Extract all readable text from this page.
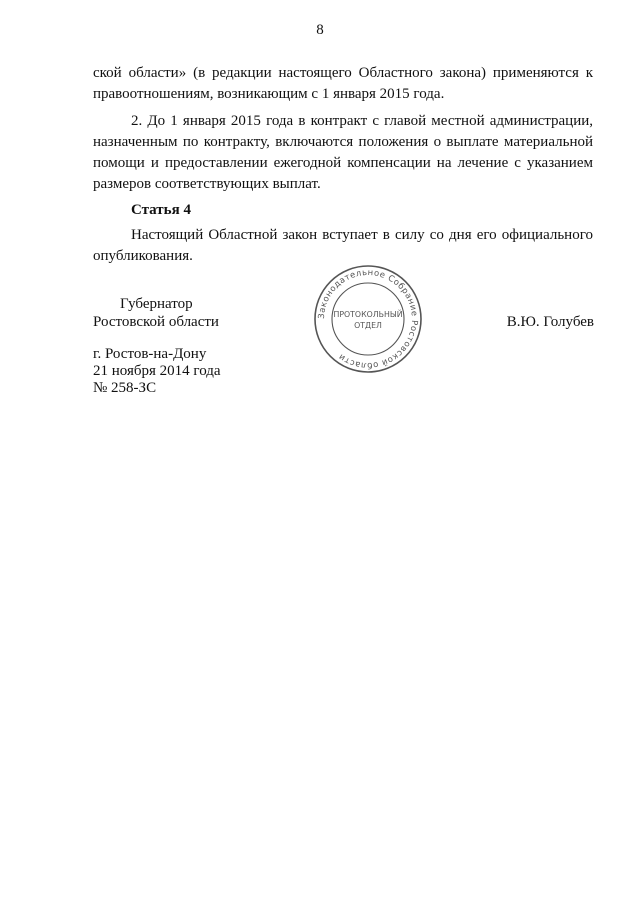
8

ской области» (в редакции настоящего Областного закона) применяются к правоотношениям, возникающим с 1 января 2015 года.

2. До 1 января 2015 года в контракт с главой местной администрации, назначенным по контракту, включаются положения о выплате материальной помощи и предоставлении ежегодной компенсации на лечение с указанием размеров соответствующих выплат.

Статья 4

Настоящий Областной закон вступает в силу со дня его официального опубликования.

Губернатор
Ростовской области	В.Ю. Голубев
г. Ростов-на-Дону
21 ноября 2014 года
№ 258-ЗС
Законодательное Собрание Ростовской области
ПРОТОКОЛЬНЫЙ
ОТДЕЛ
